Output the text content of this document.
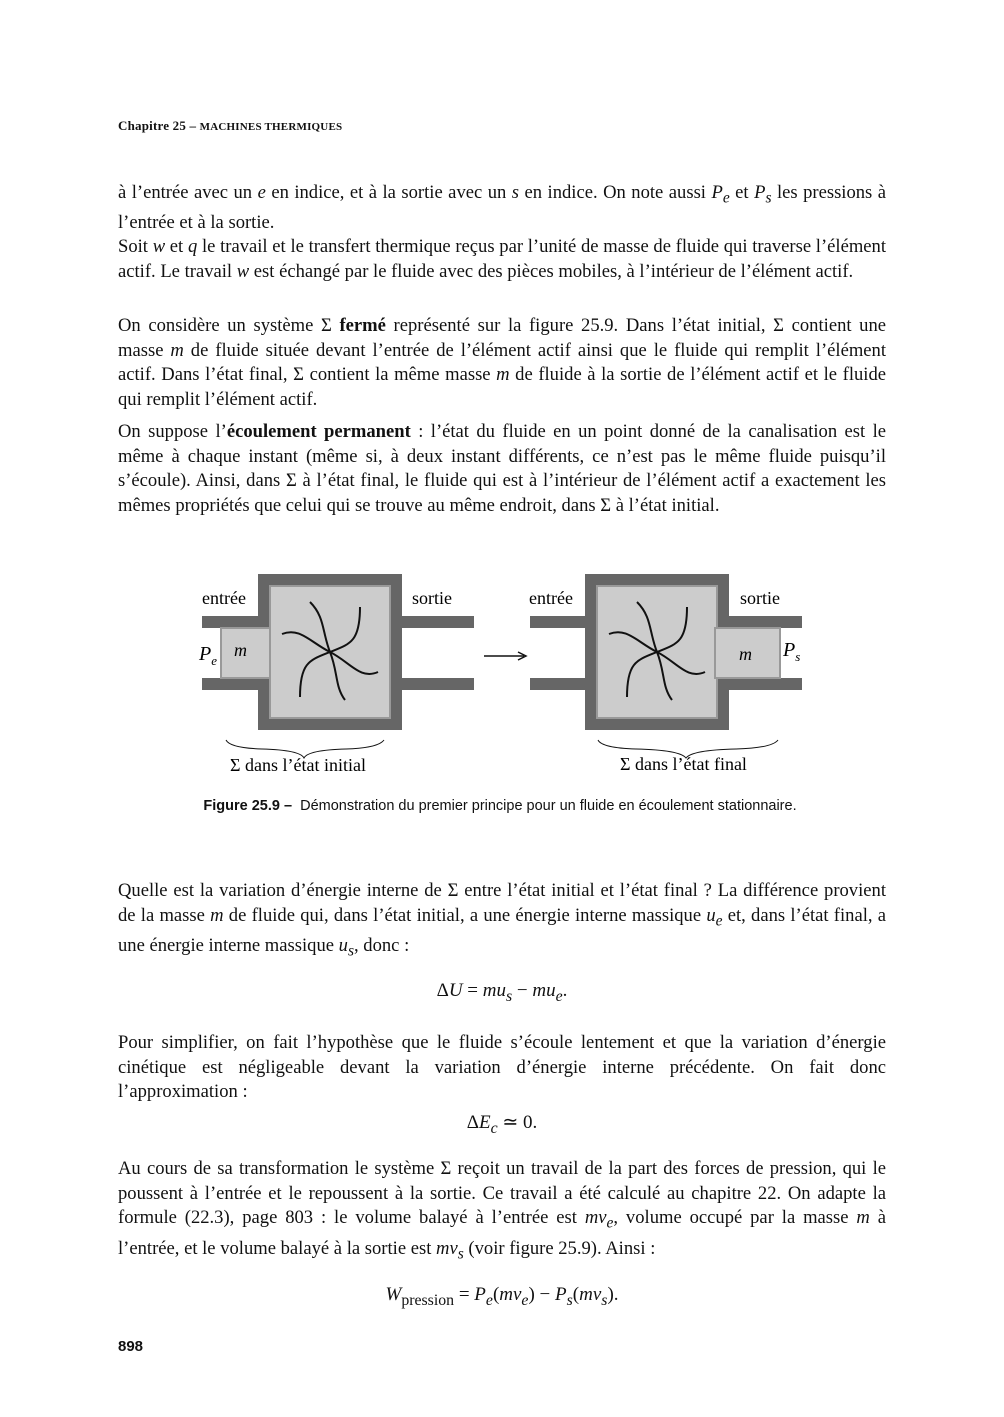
Chapitre 25 – MACHINES THERMIQUES

à l’entrée avec un e en indice, et à la sortie avec un s en indice. On note aussi $P_e$ et $P_s$ les pressions à l’entrée et à la sortie.

Soit w et q le travail et le transfert thermique reçus par l’unité de masse de fluide qui traverse l’élément actif. Le travail w est échangé par le fluide avec des pièces mobiles, à l’intérieur de l’élément actif.

On considère un système Σ fermé représenté sur la figure 25.9. Dans l’état initial, Σ contient une masse m de fluide située devant l’entrée de l’élément actif ainsi que le fluide qui remplit l’élément actif. Dans l’état final, Σ contient la même masse m de fluide à la sortie de l’élément actif et le fluide qui remplit l’élément actif.

On suppose l’écoulement permanent : l’état du fluide en un point donné de la canalisation est le même à chaque instant (même si, à deux instant différents, ce n’est pas le même fluide puisqu’il s’écoule). Ainsi, dans Σ à l’état final, le fluide qui est à l’intérieur de l’élément actif a exactement les mêmes propriétés que celui qui se trouve au même endroit, dans Σ à l’état initial.

entrée	sortie
m
$P_e$
Σ dans l’état initial
entrée	sortie
m $P_s$
Σ dans l’état final
Figure 25.9 – Démonstration du premier principe pour un fluide en écoulement stationnaire.

Quelle est la variation d’énergie interne de Σ entre l’état initial et l’état final ? La différence provient de la masse m de fluide qui, dans l’état initial, a une énergie interne massique $u_e$ et, dans l’état final, a une énergie interne massique $u_s$, donc :

$\Delta U = mu_s - mu_e$.

Pour simplifier, on fait l’hypothèse que le fluide s’écoule lentement et que la variation d’énergie cinétique est négligeable devant la variation d’énergie interne précédente. On fait donc l’approximation :

$\Delta E_c$ ≃ 0.

Au cours de sa transformation le système Σ reçoit un travail de la part des forces de pression, qui le poussent à l’entrée et le repoussent à la sortie. Ce travail a été calculé au chapitre 22. On adapte la formule (22.3), page 803 : le volume balayé à l’entrée est $mv_e$, volume occupé par la masse m à l’entrée, et le volume balayé à la sortie est $mv_s$ (voir figure 25.9). Ainsi :

$W_{pression} = P_e(mv_e) - P_s(mv_s)$.
898
